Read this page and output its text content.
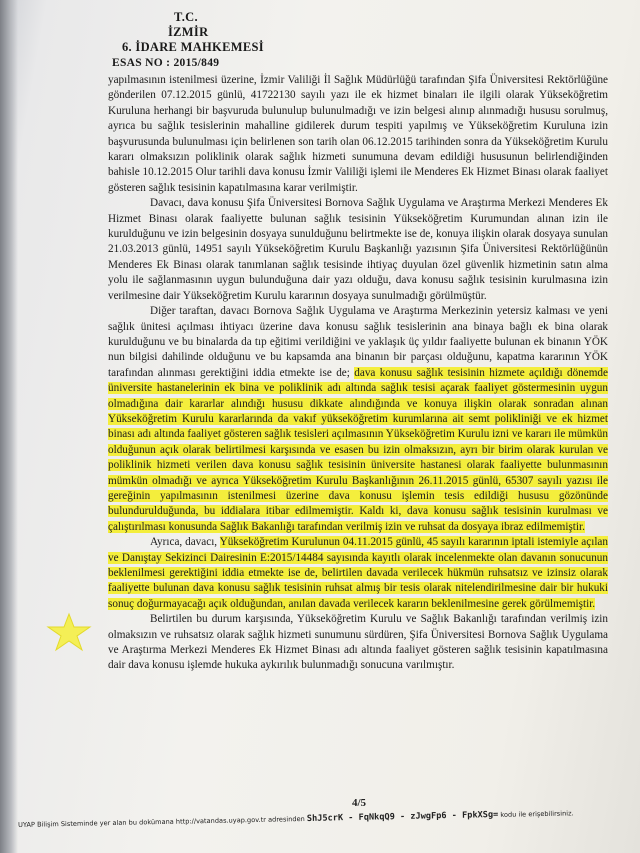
T.C.
İZMİR
6. İDARE MAHKEMESİ
ESAS NO : 2015/849

yapılmasının istenilmesi üzerine, İzmir Valiliği İl Sağlık Müdürlüğü tarafından Şifa Üniversitesi Rektörlüğüne gönderilen 07.12.2015 günlü, 41722130 sayılı yazı ile ek hizmet binaları ile ilgili olarak Yükseköğretim Kuruluna herhangi bir başvuruda bulunulup bulunulmadığı ve izin belgesi alınıp alınmadığı hususu sorulmuş, ayrıca bu sağlık tesislerinin mahalline gidilerek durum tespiti yapılmış ve Yükseköğretim Kuruluna izin başvurusunda bulunulması için belirlenen son tarih olan 06.12.2015 tarihinden sonra da Yükseköğretim Kurulu kararı olmaksızın poliklinik olarak sağlık hizmeti sunumuna devam edildiği hususunun belirlendiğinden bahisle 10.12.2015 Olur tarihli dava konusu İzmir Valiliği işlemi ile Menderes Ek Hizmet Binası olarak faaliyet gösteren sağlık tesisinin kapatılmasına karar verilmiştir.

Davacı, dava konusu Şifa Üniversitesi Bornova Sağlık Uygulama ve Araştırma Merkezi Menderes Ek Hizmet Binası olarak faaliyette bulunan sağlık tesisinin Yükseköğretim Kurumundan alınan izin ile kurulduğunu ve izin belgesinin dosyaya sunulduğunu belirtmekte ise de, konuya ilişkin olarak dosyaya sunulan 21.03.2013 günlü, 14951 sayılı Yükseköğretim Kurulu Başkanlığı yazısının Şifa Üniversitesi Rektörlüğünün Menderes Ek Binası olarak tanımlanan sağlık tesisinde ihtiyaç duyulan özel güvenlik hizmetinin satın alma yolu ile sağlanmasının uygun bulunduğuna dair yazı olduğu, dava konusu sağlık tesisinin kurulmasına izin verilmesine dair Yükseköğretim Kurulu kararının dosyaya sunulmadığı görülmüştür.

Diğer taraftan, davacı Bornova Sağlık Uygulama ve Araştırma Merkezinin yetersiz kalması ve yeni sağlık ünitesi açılması ihtiyacı üzerine dava konusu sağlık tesislerinin ana binaya bağlı ek bina olarak kurulduğunu ve bu binalarda da tıp eğitimi verildiğini ve yaklaşık üç yıldır faaliyette bulunan ek binanın YÖK nun bilgisi dahilinde olduğunu ve bu kapsamda ana binanın bir parçası olduğunu, kapatma kararının YÖK tarafından alınması gerektiğini iddia etmekte ise de; dava konusu sağlık tesisinin hizmete açıldığı dönemde üniversite hastanelerinin ek bina ve poliklinik adı altında sağlık tesisi açarak faaliyet göstermesinin uygun olmadığına dair kararlar alındığı hususu dikkate alındığında ve konuya ilişkin olarak sonradan alınan Yükseköğretim Kurulu kararlarında da vakıf yükseköğretim kurumlarına ait semt polikliniği ve ek hizmet binası adı altında faaliyet gösteren sağlık tesisleri açılmasının Yükseköğretim Kurulu izni ve kararı ile mümkün olduğunun açık olarak belirtilmesi karşısında ve esasen bu izin olmaksızın, ayrı bir birim olarak kurulan ve poliklinik hizmeti verilen dava konusu sağlık tesisinin üniversite hastanesi olarak faaliyette bulunmasının mümkün olmadığı ve ayrıca Yükseköğretim Kurulu Başkanlığının 26.11.2015 günlü, 65307 sayılı yazısı ile gereğinin yapılmasının istenilmesi üzerine dava konusu işlemin tesis edildiği hususu gözönünde bulundurulduğunda, bu iddialara itibar edilmemiştir. Kaldı ki, dava konusu sağlık tesisinin kurulması ve çalıştırılması konusunda Sağlık Bakanlığı tarafından verilmiş izin ve ruhsat da dosyaya ibraz edilmemiştir.

Ayrıca, davacı, Yükseköğretim Kurulunun 04.11.2015 günlü, 45 sayılı kararının iptali istemiyle açılan ve Danıştay Sekizinci Dairesinin E:2015/14484 sayısında kayıtlı olarak incelenmekte olan davanın sonucunun beklenilmesi gerektiğini iddia etmekte ise de, belirtilen davada verilecek hükmün ruhsatsız ve izinsiz olarak faaliyette bulunan dava konusu sağlık tesisinin ruhsat almış bir tesis olarak nitelendirilmesine dair bir hukuki sonuç doğurmayacağı açık olduğundan, anılan davada verilecek kararın beklenilmesine gerek görülmemiştir.

Belirtilen bu durum karşısında, Yükseköğretim Kurulu ve Sağlık Bakanlığı tarafından verilmiş izin olmaksızın ve ruhsatsız olarak sağlık hizmeti sunumunu sürdüren, Şifa Üniversitesi Bornova Sağlık Uygulama ve Araştırma Merkezi Menderes Ek Hizmet Binası adı altında faaliyet gösteren sağlık tesisinin kapatılmasına dair dava konusu işlemde hukuka aykırılık bulunmadığı sonucuna varılmıştır.

4/5
UYAP Bilişim Sisteminde yer alan bu dokümana http://vatandas.uyap.gov.tr adresinden ShJ5crK - FqNkqQ9 - zJwgFp6 - FpkXSg= kodu ile erişebilirsiniz.
